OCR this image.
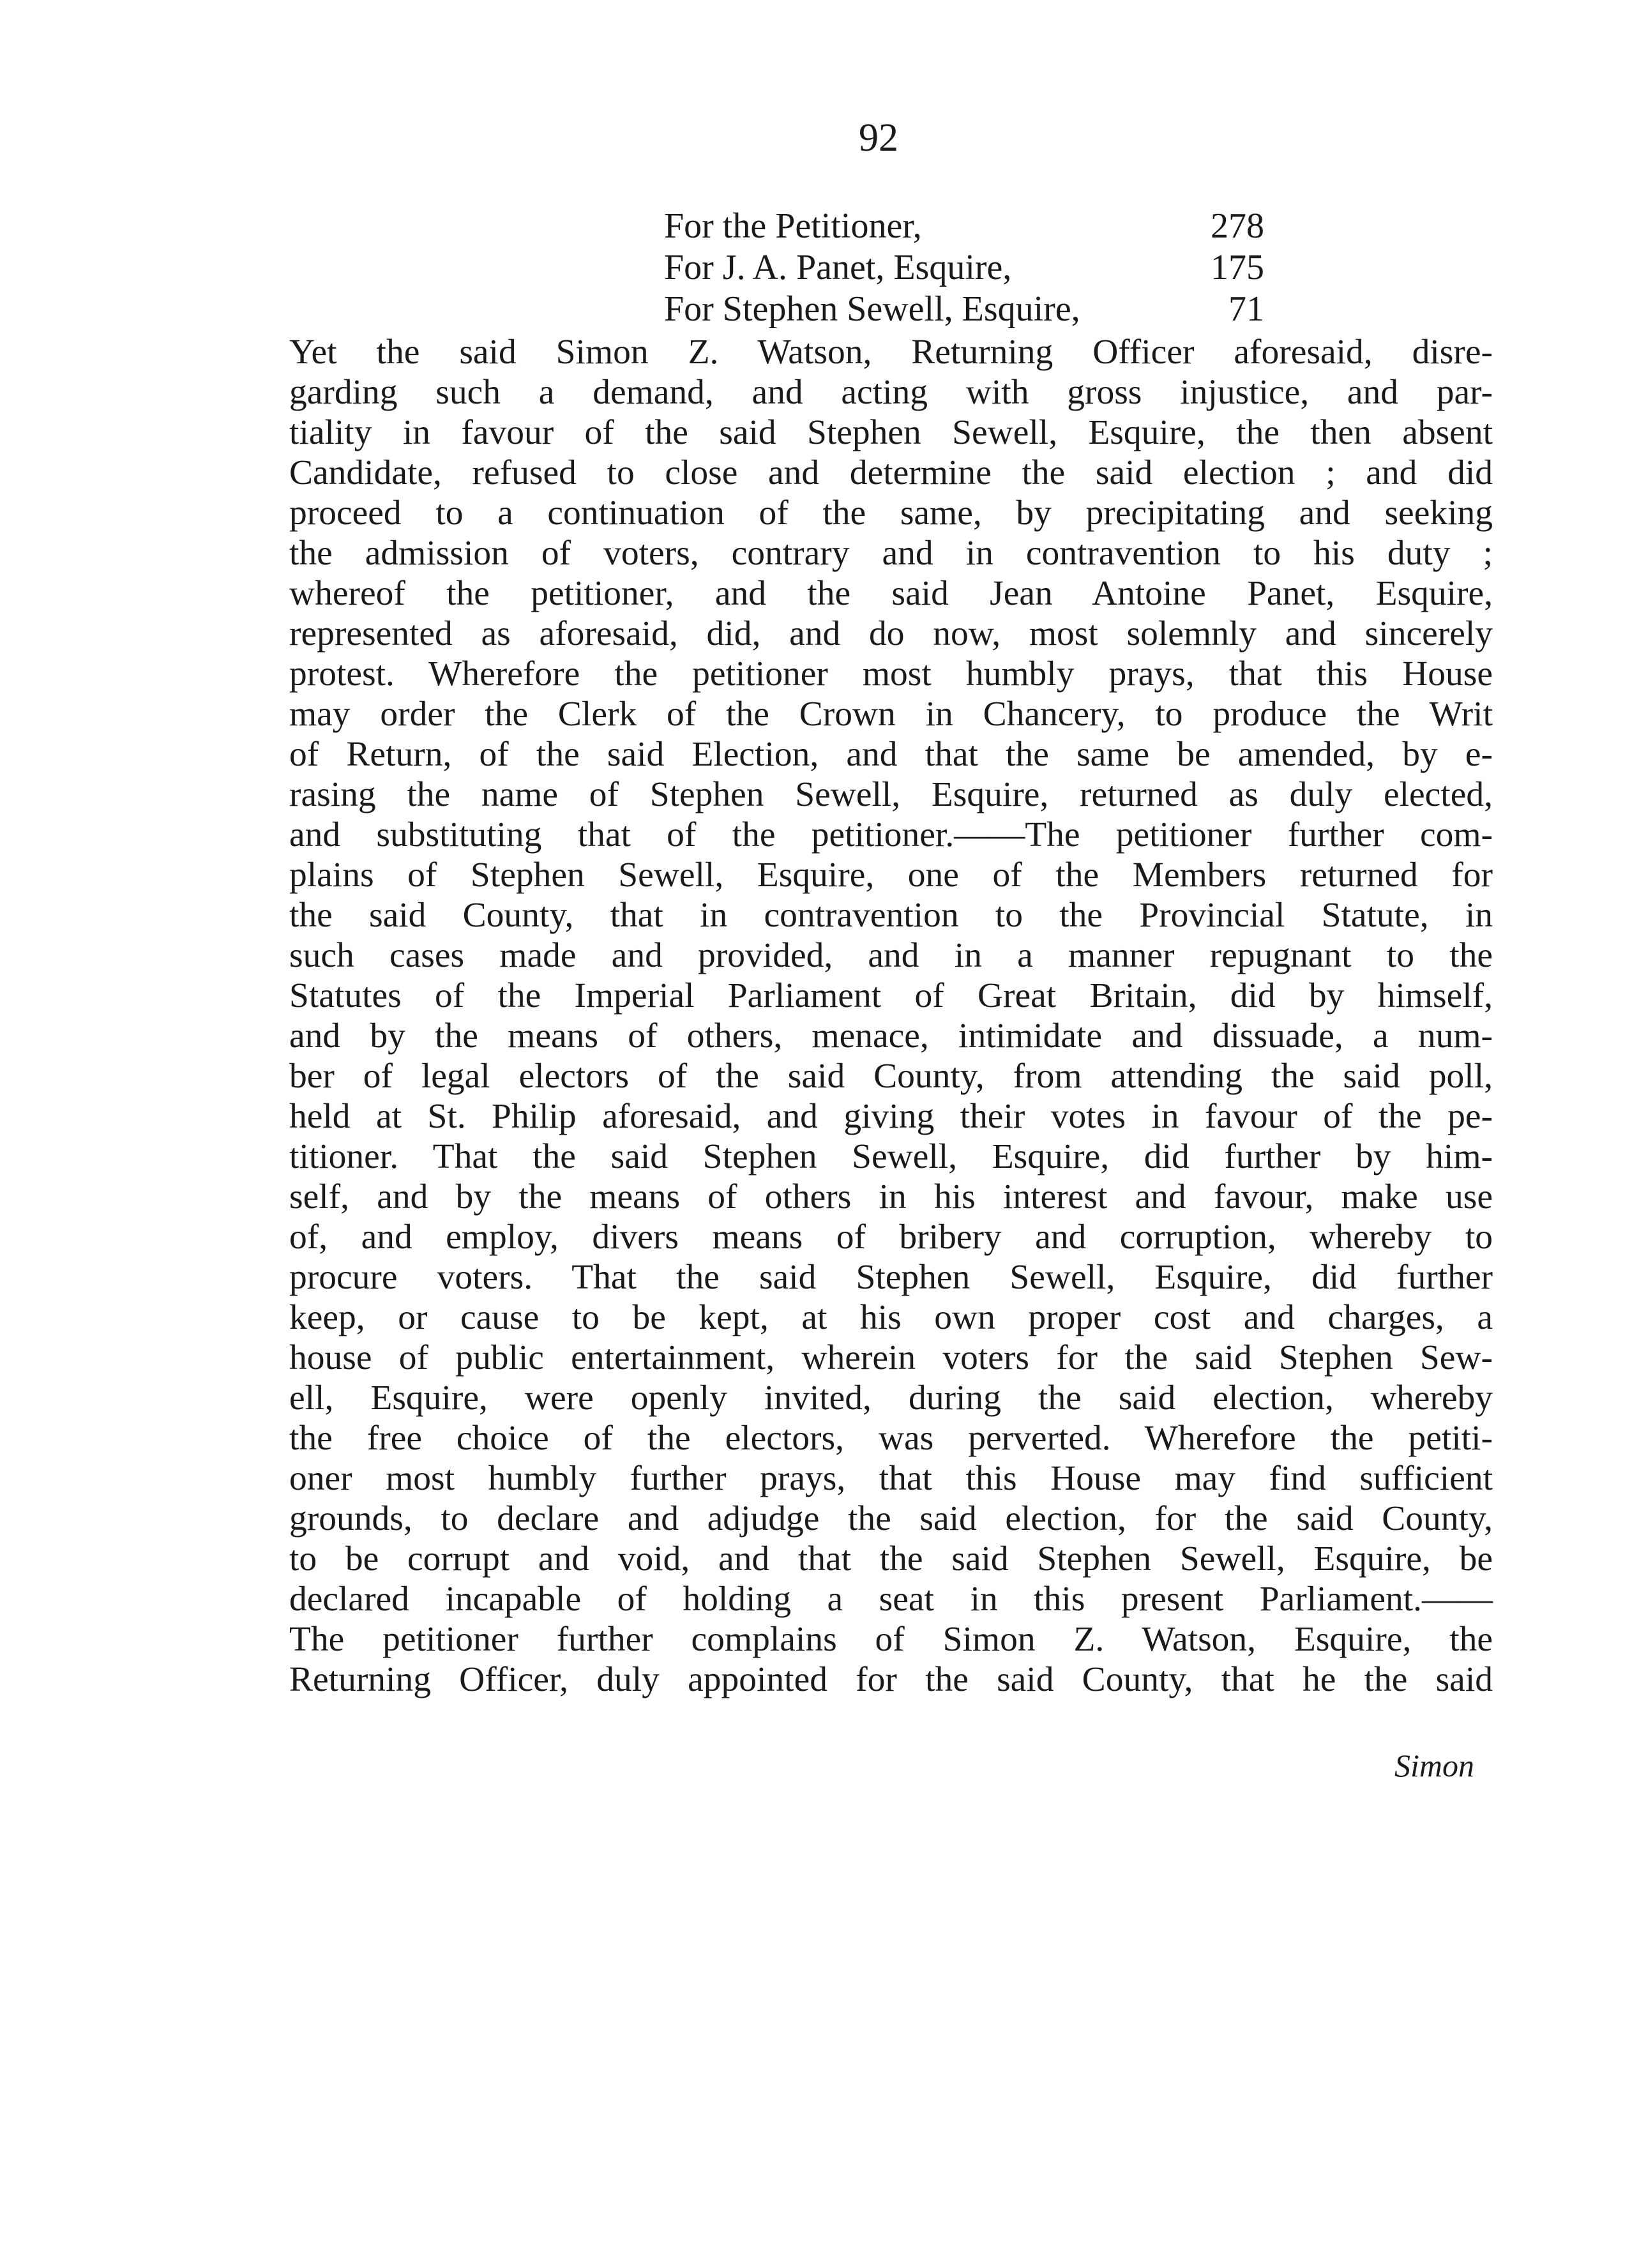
92
For the Petitioner,	278
For J. A. Panet, Esquire,	175
For Stephen Sewell, Esquire,	71
Yet the said Simon Z. Watson, Returning Officer aforesaid, disre-
garding such a demand, and acting with gross injustice, and par-
tiality in favour of the said Stephen Sewell, Esquire, the then absent
Candidate, refused to close and determine the said election ; and did
proceed to a continuation of the same, by precipitating and seeking
the admission of voters, contrary and in contravention to his duty ;
whereof the petitioner, and the said Jean Antoine Panet, Esquire,
represented as aforesaid, did, and do now, most solemnly and sincerely
protest. Wherefore the petitioner most humbly prays, that this House
may order the Clerk of the Crown in Chancery, to produce the Writ
of Return, of the said Election, and that the same be amended, by e-
rasing the name of Stephen Sewell, Esquire, returned as duly elected,
and substituting that of the petitioner.——The petitioner further com-
plains of Stephen Sewell, Esquire, one of the Members returned for
the said County, that in contravention to the Provincial Statute, in
such cases made and provided, and in a manner repugnant to the
Statutes of the Imperial Parliament of Great Britain, did by himself,
and by the means of others, menace, intimidate and dissuade, a num-
ber of legal electors of the said County, from attending the said poll,
held at St. Philip aforesaid, and giving their votes in favour of the pe-
titioner. That the said Stephen Sewell, Esquire, did further by him-
self, and by the means of others in his interest and favour, make use
of, and employ, divers means of bribery and corruption, whereby to
procure voters. That the said Stephen Sewell, Esquire, did further
keep, or cause to be kept, at his own proper cost and charges, a
house of public entertainment, wherein voters for the said Stephen Sew-
ell, Esquire, were openly invited, during the said election, whereby
the free choice of the electors, was perverted. Wherefore the petiti-
oner most humbly further prays, that this House may find sufficient
grounds, to declare and adjudge the said election, for the said County,
to be corrupt and void, and that the said Stephen Sewell, Esquire, be
declared incapable of holding a seat in this present Parliament.——
The petitioner further complains of Simon Z. Watson, Esquire, the
Returning Officer, duly appointed for the said County, that he the said
Simon
